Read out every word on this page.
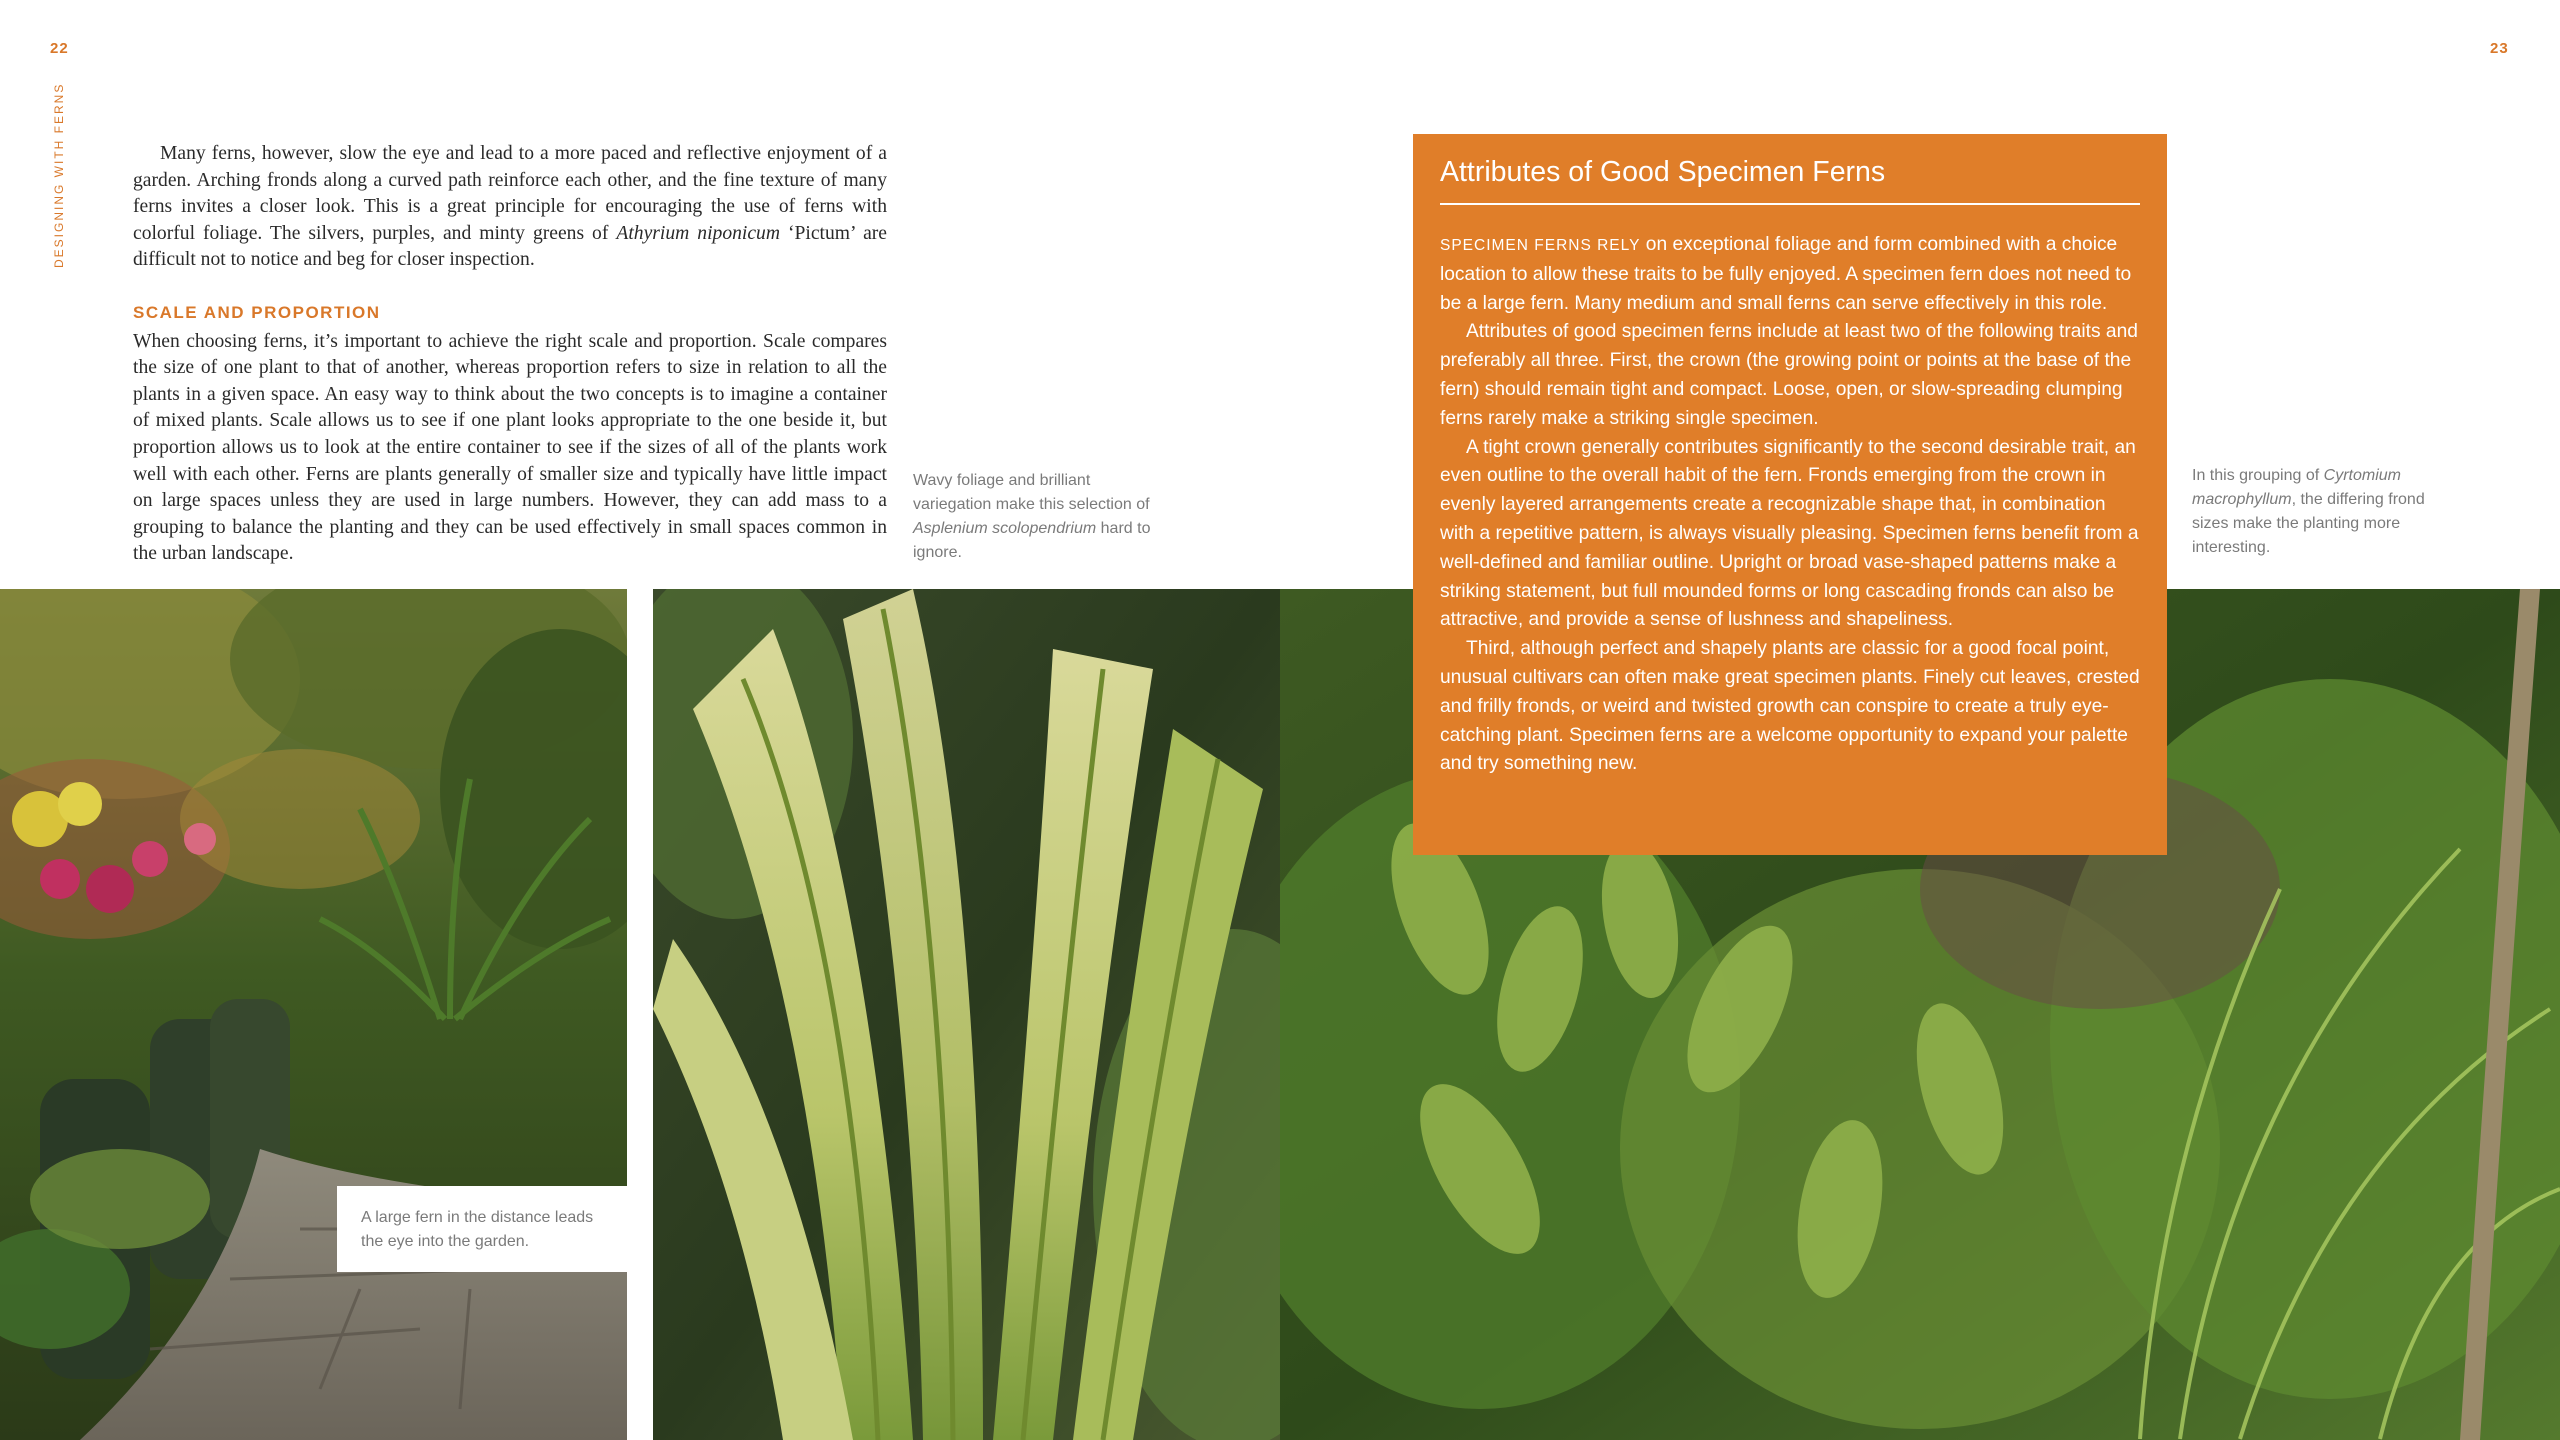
22	23
DESIGNING WITH FERNS	Many ferns, however, slow the eye and lead to a more paced and reflective enjoyment of a garden. Arching fronds along a curved path reinforce each other, and the fine texture of many ferns invites a closer look. This is a great principle for encouraging the use of ferns with colorful foliage. The silvers, purples, and minty greens of Athyrium niponicum ‘Pictum’ are difficult not to notice and beg for closer inspection.

SCALE AND PROPORTION

When choosing ferns, it’s important to achieve the right scale and proportion. Scale compares the size of one plant to that of another, whereas proportion refers to size in relation to all the plants in a given space. An easy way to think about the two concepts is to imagine a container of mixed plants. Scale allows us to see if one plant looks appropriate to the one beside it, but proportion allows us to look at the entire container to see if the sizes of all of the plants work well with each other. Ferns are plants generally of smaller size and typically have little impact on large spaces unless they are used in large numbers. However, they can add mass to a grouping to balance the planting and they can be used effectively in small spaces common in the urban landscape.

Wavy foliage and brilliant variegation make this selection of Asplenium scolopendrium hard to ignore.
In this grouping of Cyrtomium macrophyllum, the differing frond sizes make the planting more interesting.
A large fern in the distance leads the eye into the garden.
Attributes of Good Specimen Ferns

SPECIMEN FERNS RELY on exceptional foliage and form combined with a choice location to allow these traits to be fully enjoyed. A specimen fern does not need to be a large fern. Many medium and small ferns can serve effectively in this role.

Attributes of good specimen ferns include at least two of the following traits and preferably all three. First, the crown (the growing point or points at the base of the fern) should remain tight and compact. Loose, open, or slow-spreading clumping ferns rarely make a striking single specimen.

A tight crown generally contributes significantly to the second desirable trait, an even outline to the overall habit of the fern. Fronds emerging from the crown in evenly layered arrangements create a recognizable shape that, in combination with a repetitive pattern, is always visually pleasing. Specimen ferns benefit from a well-defined and familiar outline. Upright or broad vase-shaped patterns make a striking statement, but full mounded forms or long cascading fronds can also be attractive, and provide a sense of lushness and shapeliness.

Third, although perfect and shapely plants are classic for a good focal point, unusual cultivars can often make great specimen plants. Finely cut leaves, crested and frilly fronds, or weird and twisted growth can conspire to create a truly eye-catching plant. Specimen ferns are a welcome opportunity to expand your palette and try something new.
